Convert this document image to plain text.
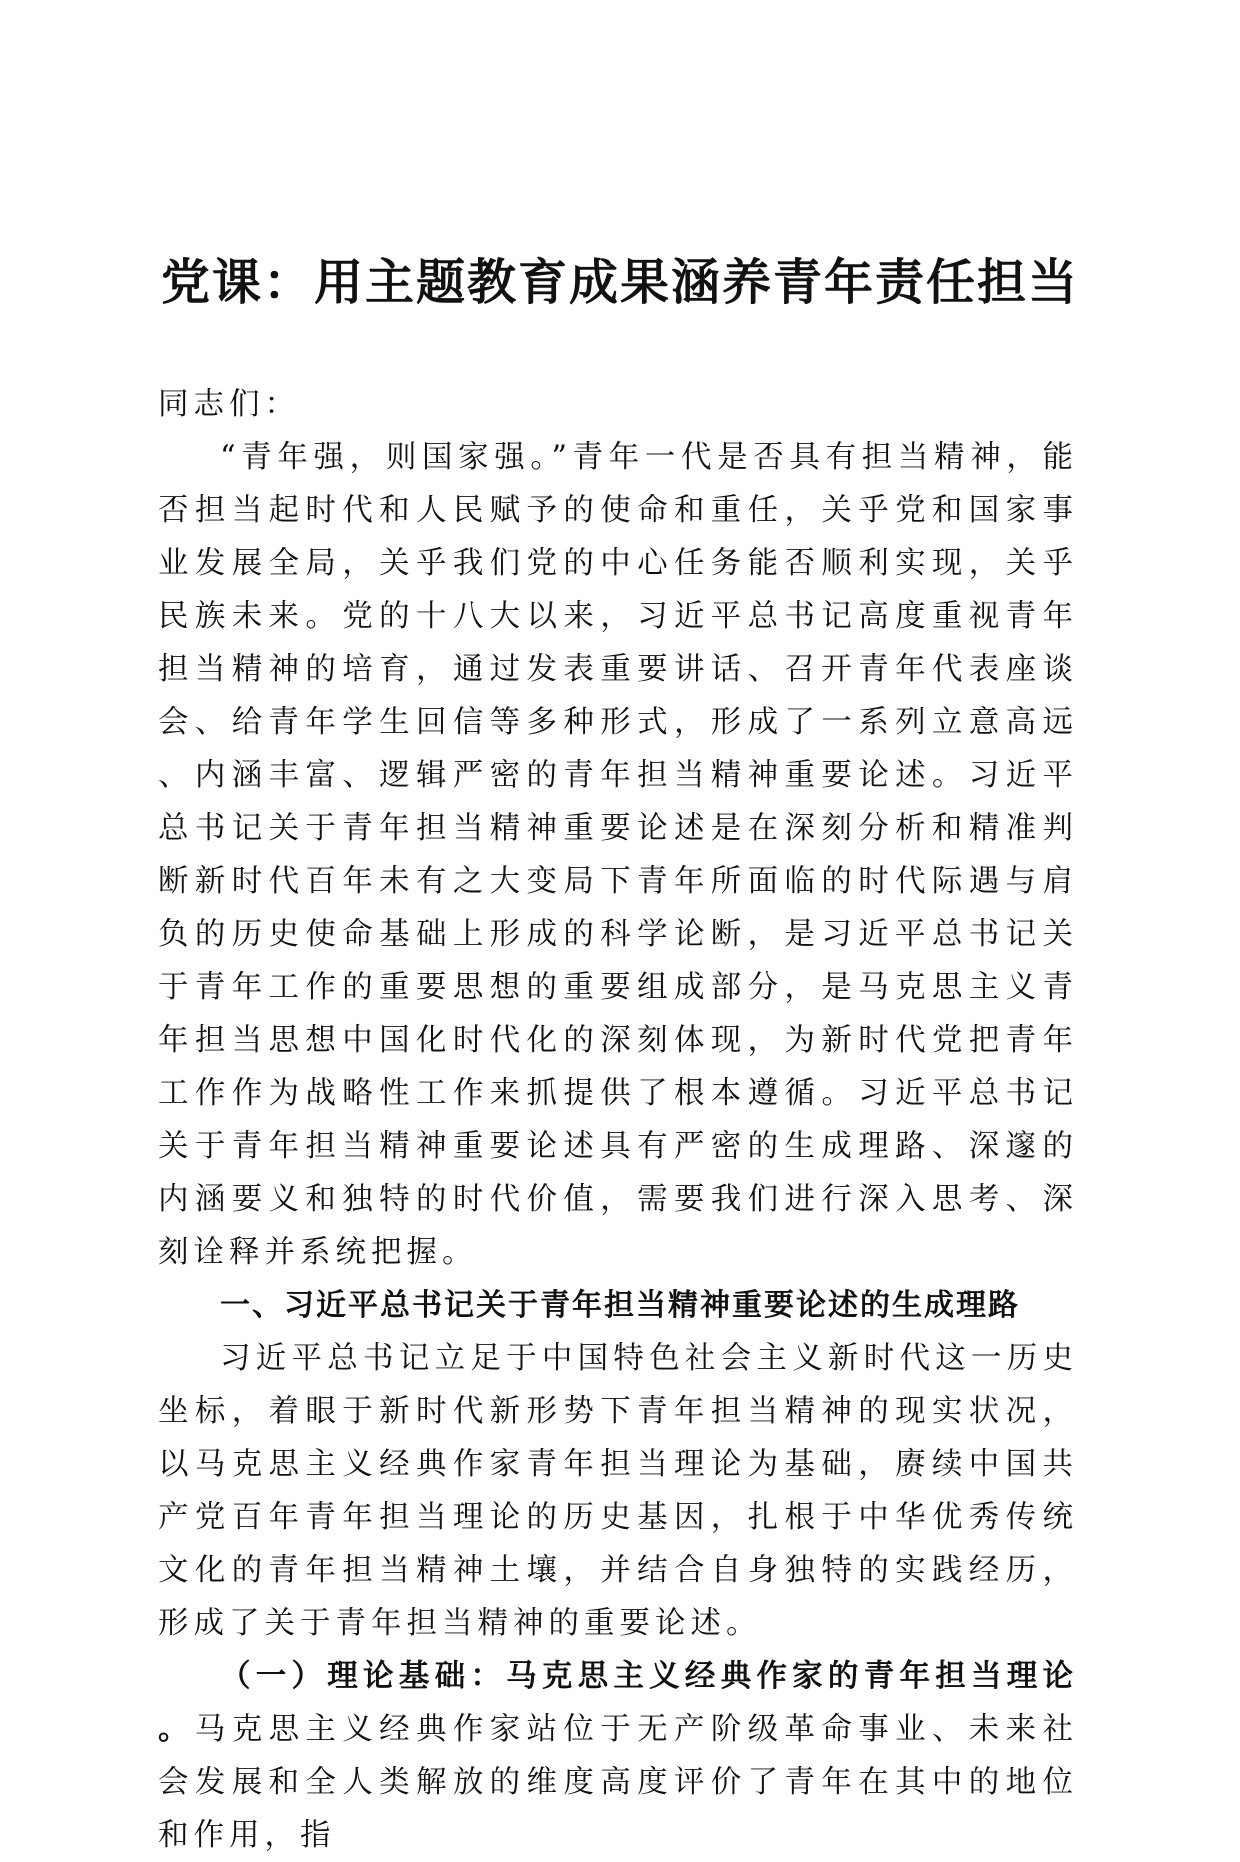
党课：用主题教育成果涵养青年责任担当

同志们：

“青年强，则国家强。”青年一代是否具有担当精神，能否担当起时代和人民赋予的使命和重任，关乎党和国家事业发展全局，关乎我们党的中心任务能否顺利实现，关乎民族未来。党的十八大以来，习近平总书记高度重视青年担当精神的培育，通过发表重要讲话、召开青年代表座谈会、给青年学生回信等多种形式，形成了一系列立意高远、内涵丰富、逻辑严密的青年担当精神重要论述。习近平总书记关于青年担当精神重要论述是在深刻分析和精准判断新时代百年未有之大变局下青年所面临的时代际遇与肩负的历史使命基础上形成的科学论断，是习近平总书记关于青年工作的重要思想的重要组成部分，是马克思主义青年担当思想中国化时代化的深刻体现，为新时代党把青年工作作为战略性工作来抓提供了根本遵循。习近平总书记关于青年担当精神重要论述具有严密的生成理路、深邃的内涵要义和独特的时代价值，需要我们进行深入思考、深刻诠释并系统把握。

一、习近平总书记关于青年担当精神重要论述的生成理路

习近平总书记立足于中国特色社会主义新时代这一历史坐标，着眼于新时代新形势下青年担当精神的现实状况，以马克思主义经典作家青年担当理论为基础，赓续中国共产党百年青年担当理论的历史基因，扎根于中华优秀传统文化的青年担当精神土壤，并结合自身独特的实践经历，形成了关于青年担当精神的重要论述。

（一）理论基础：马克思主义经典作家的青年担当理论。马克思主义经典作家站位于无产阶级革命事业、未来社会发展和全人类解放的维度高度评价了青年在其中的地位和作用，指
